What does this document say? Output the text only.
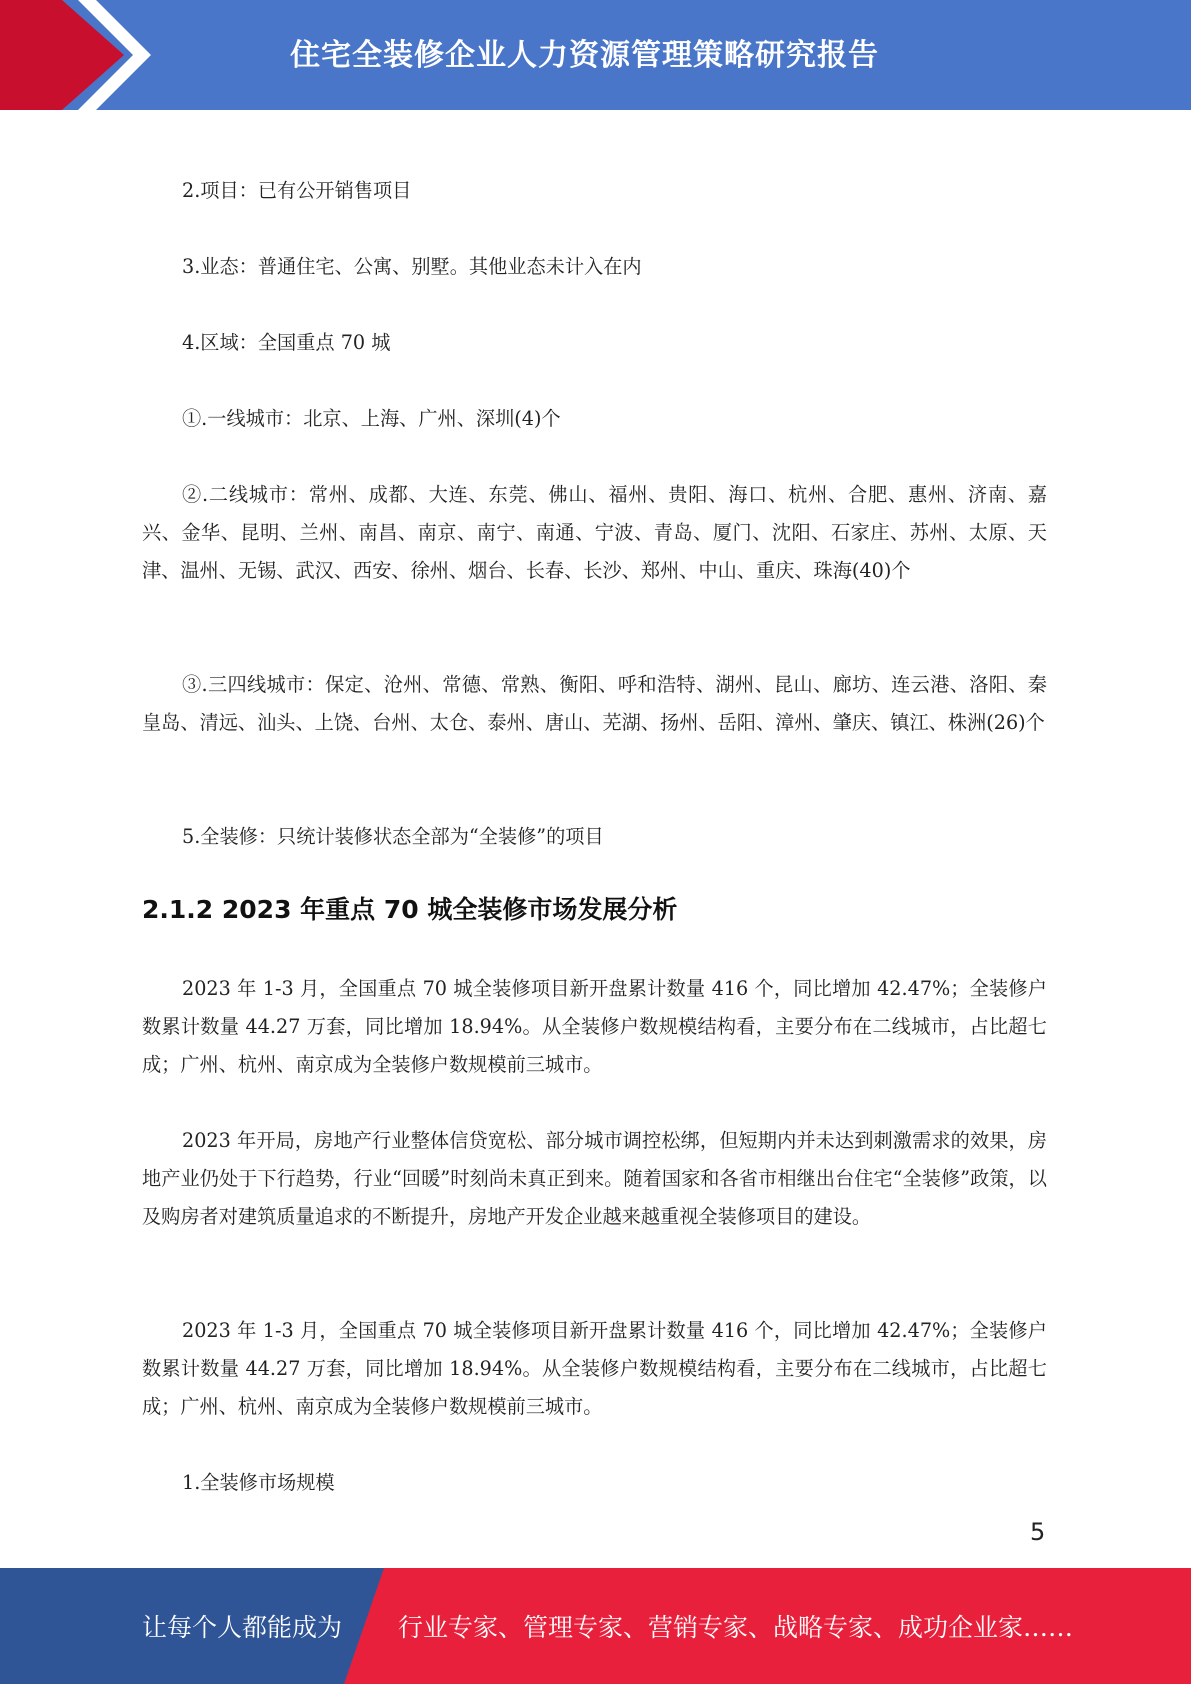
住宅全装修企业人力资源管理策略研究报告

2.项目：已有公开销售项目

3.业态：普通住宅、公寓、别墅。其他业态未计入在内

4.区域：全国重点 70 城

①.一线城市：北京、上海、广州、深圳(4)个

②.二线城市：常州、成都、大连、东莞、佛山、福州、贵阳、海口、杭州、合肥、惠州、济南、嘉兴、金华、昆明、兰州、南昌、南京、南宁、南通、宁波、青岛、厦门、沈阳、石家庄、苏州、太原、天津、温州、无锡、武汉、西安、徐州、烟台、长春、长沙、郑州、中山、重庆、珠海(40)个

③.三四线城市：保定、沧州、常德、常熟、衡阳、呼和浩特、湖州、昆山、廊坊、连云港、洛阳、秦皇岛、清远、汕头、上饶、台州、太仓、泰州、唐山、芜湖、扬州、岳阳、漳州、肇庆、镇江、株洲(26)个

5.全装修：只统计装修状态全部为“全装修”的项目

2.1.2 2023 年重点 70 城全装修市场发展分析

2023 年 1-3 月，全国重点 70 城全装修项目新开盘累计数量 416 个，同比增加 42.47%；全装修户数累计数量 44.27 万套，同比增加 18.94%。从全装修户数规模结构看，主要分布在二线城市，占比超七成；广州、杭州、南京成为全装修户数规模前三城市。

2023 年开局，房地产行业整体信贷宽松、部分城市调控松绑，但短期内并未达到刺激需求的效果，房地产业仍处于下行趋势，行业“回暖”时刻尚未真正到来。随着国家和各省市相继出台住宅“全装修”政策，以及购房者对建筑质量追求的不断提升，房地产开发企业越来越重视全装修项目的建设。

2023 年 1-3 月，全国重点 70 城全装修项目新开盘累计数量 416 个，同比增加 42.47%；全装修户数累计数量 44.27 万套，同比增加 18.94%。从全装修户数规模结构看，主要分布在二线城市，占比超七成；广州、杭州、南京成为全装修户数规模前三城市。

1.全装修市场规模

5
让每个人都能成为 行业专家、管理专家、营销专家、战略专家、成功企业家……
